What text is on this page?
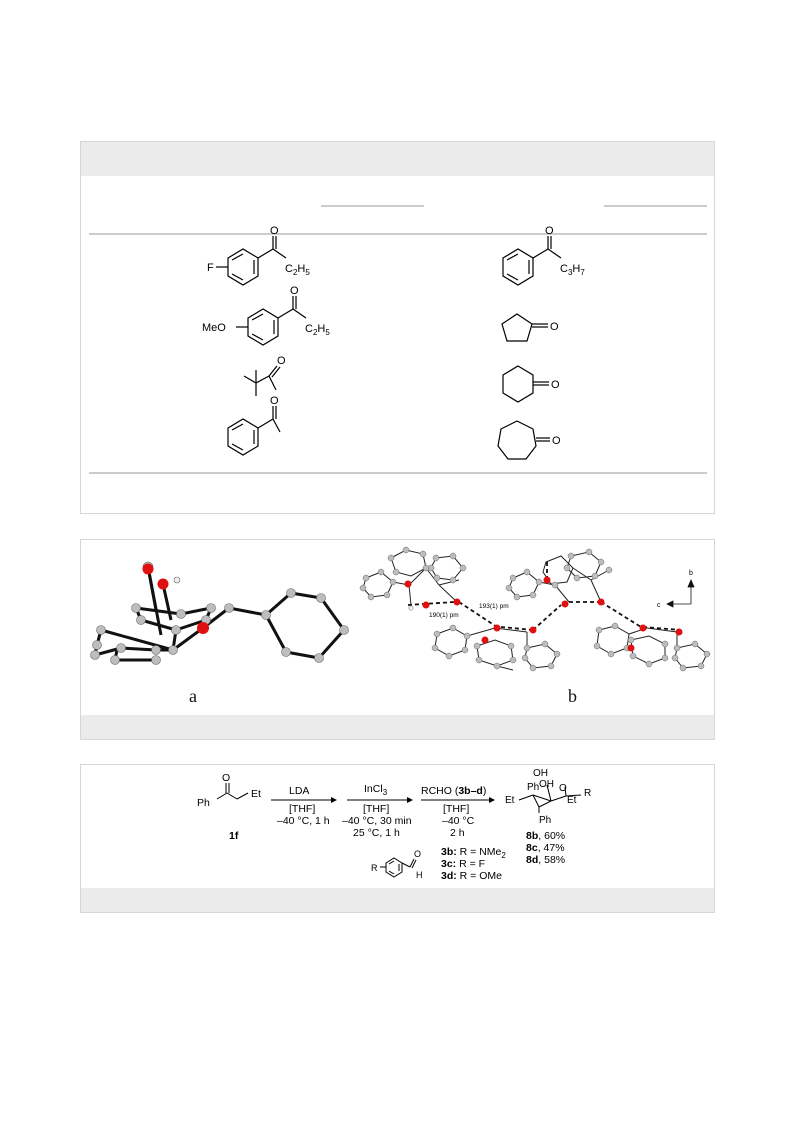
F
O
$C_2H_5$
O
$C_3H_7$
MeO
O
$C_2H_5$	O
O
O
O
O
190(1) pm
193(1) pm
b
c
a	b
O
Ph
Et
1f
LDA
[THF]
–40 °C, 1 h
InCl$_3$
[THF]
–40 °C, 30 min
25 °C, 1 h
RCHO (3b–d)
[THF]
–40 °C
2 h
OH
Ph OH O
Et	Et
R
Ph
8b, 60%
8c, 47%
8d, 58%
R
O
H
3b: R = NMe$_2$
3c: R = F
3d: R = OMe
